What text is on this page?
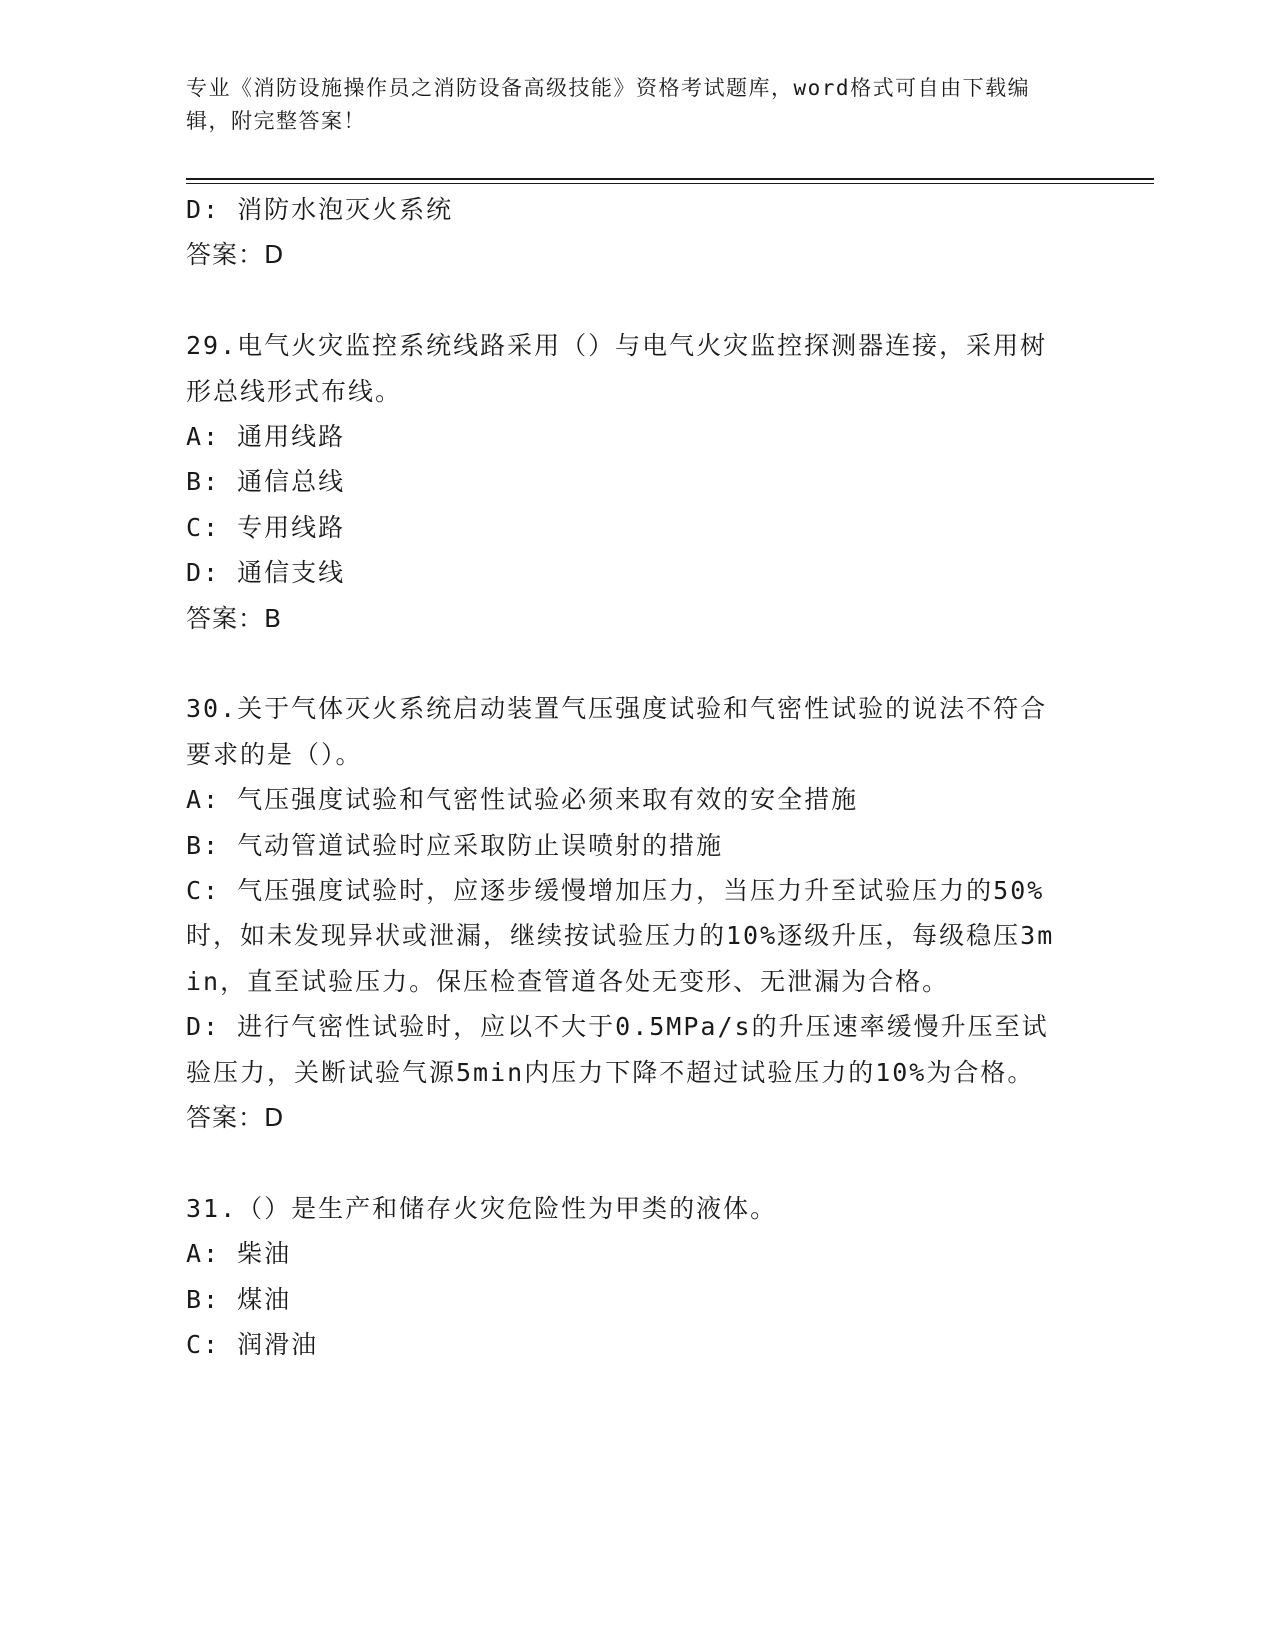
专业《消防设施操作员之消防设备高级技能》资格考试题库，word格式可自由下载编辑，附完整答案！

D: 消防水泡灭火系统

答案：D

29.电气火灾监控系统线路采用（）与电气火灾监控探测器连接，采用树形总线形式布线。

A: 通用线路

B: 通信总线

C: 专用线路

D: 通信支线

答案：B

30.关于气体灭火系统启动装置气压强度试验和气密性试验的说法不符合要求的是（）。

A: 气压强度试验和气密性试验必须来取有效的安全措施

B: 气动管道试验时应采取防止误喷射的措施

C: 气压强度试验时，应逐步缓慢增加压力，当压力升至试验压力的50%时，如未发现异状或泄漏，继续按试验压力的10%逐级升压，每级稳压3min，直至试验压力。保压检查管道各处无变形、无泄漏为合格。

D: 进行气密性试验时，应以不大于0.5MPa/s的升压速率缓慢升压至试验压力，关断试验气源5min内压力下降不超过试验压力的10%为合格。

答案：D

31.（）是生产和储存火灾危险性为甲类的液体。

A: 柴油

B: 煤油

C: 润滑油
